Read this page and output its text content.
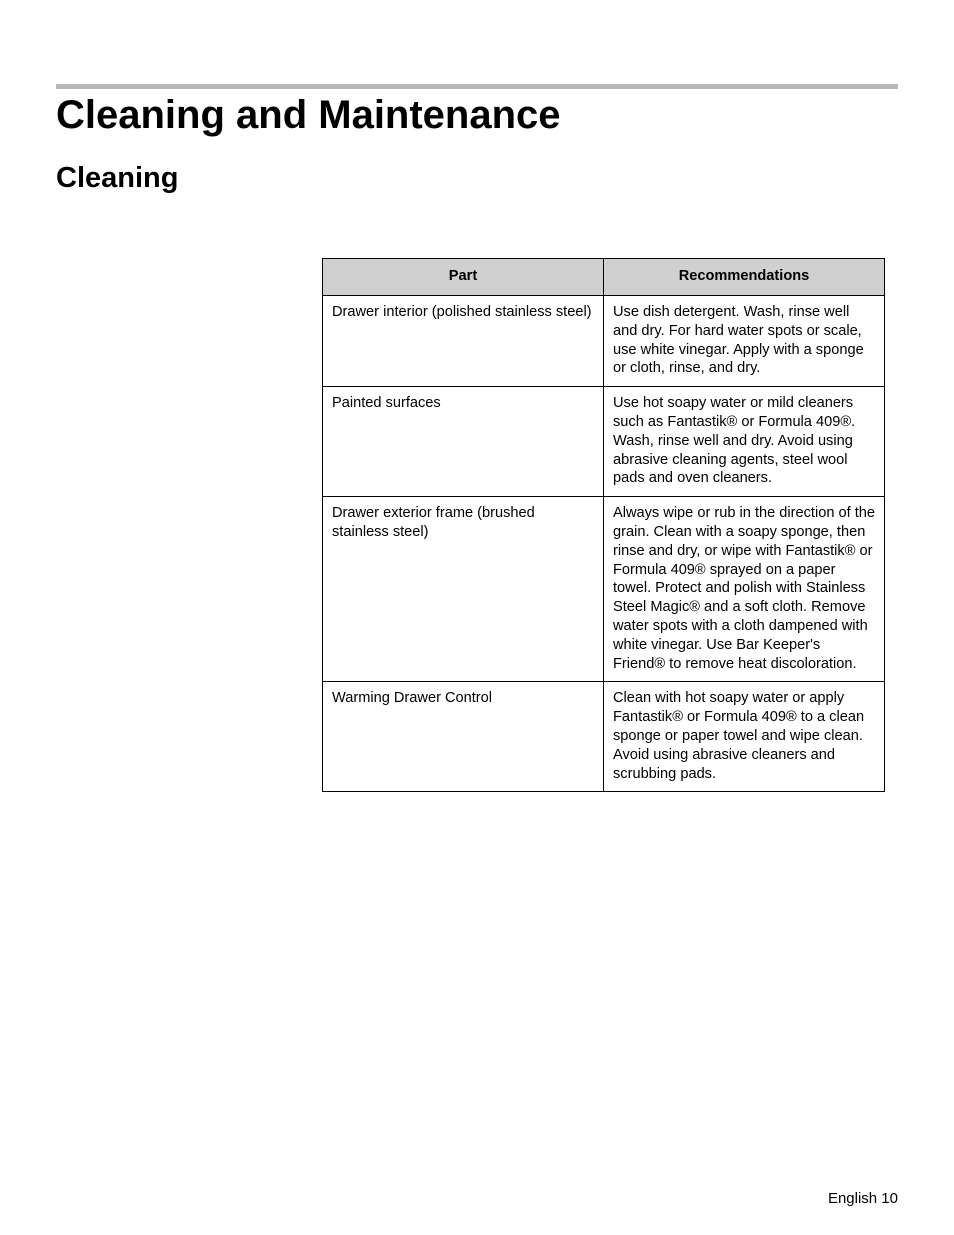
Cleaning and Maintenance
Cleaning
Part	Recommendations
Drawer interior (polished stainless steel)	Use dish detergent. Wash, rinse well and dry. For hard water spots or scale, use white vinegar. Apply with a sponge or cloth, rinse, and dry.
Painted surfaces	Use hot soapy water or mild cleaners such as Fantastik® or Formula 409®. Wash, rinse well and dry. Avoid using abrasive cleaning agents, steel wool pads and oven cleaners.
Drawer exterior frame (brushed stainless steel)	Always wipe or rub in the direction of the grain. Clean with a soapy sponge, then rinse and dry, or wipe with Fantastik® or Formula 409® sprayed on a paper towel. Protect and polish with Stainless Steel Magic® and a soft cloth. Remove water spots with a cloth dampened with white vinegar. Use Bar Keeper's Friend® to remove heat discoloration.
Warming Drawer Control	Clean with hot soapy water or apply Fantastik® or Formula 409® to a clean sponge or paper towel and wipe clean. Avoid using abrasive cleaners and scrubbing pads.
English 10
